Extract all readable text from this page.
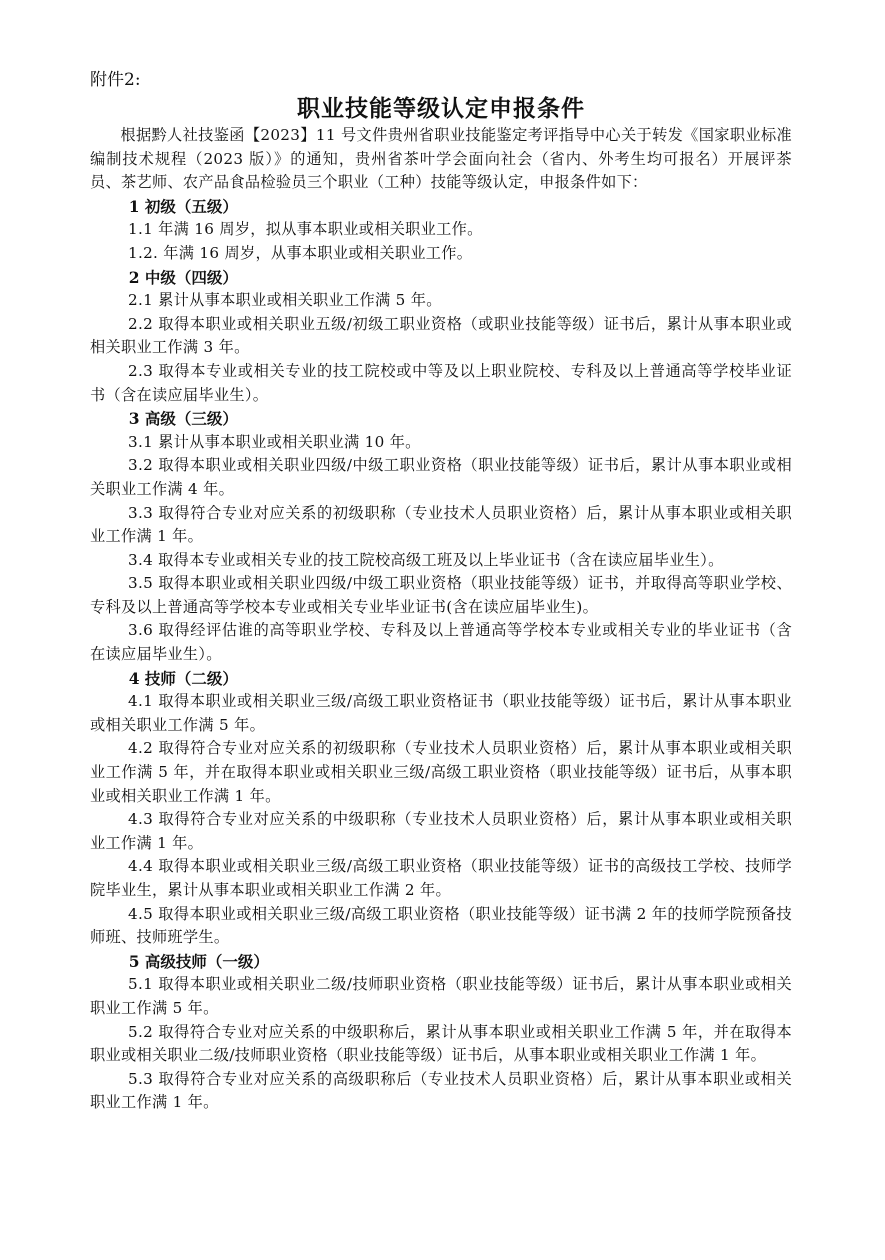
附件2:

职业技能等级认定申报条件

根据黔人社技鉴函【2023】11 号文件贵州省职业技能鉴定考评指导中心关于转发《国家职业标准编制技术规程（2023 版）》的通知，贵州省茶叶学会面向社会（省内、外考生均可报名）开展评茶员、茶艺师、农产品食品检验员三个职业（工种）技能等级认定，申报条件如下：

1 初级（五级）

1.1 年满 16 周岁，拟从事本职业或相关职业工作。

1.2. 年满 16 周岁，从事本职业或相关职业工作。

2 中级（四级）

2.1 累计从事本职业或相关职业工作满 5 年。

2.2 取得本职业或相关职业五级/初级工职业资格（或职业技能等级）证书后，累计从事本职业或相关职业工作满 3 年。

2.3 取得本专业或相关专业的技工院校或中等及以上职业院校、专科及以上普通高等学校毕业证书（含在读应届毕业生）。

3 高级（三级）

3.1 累计从事本职业或相关职业满 10 年。

3.2 取得本职业或相关职业四级/中级工职业资格（职业技能等级）证书后，累计从事本职业或相关职业工作满 4 年。

3.3 取得符合专业对应关系的初级职称（专业技术人员职业资格）后，累计从事本职业或相关职业工作满 1 年。

3.4 取得本专业或相关专业的技工院校高级工班及以上毕业证书（含在读应届毕业生）。

3.5 取得本职业或相关职业四级/中级工职业资格（职业技能等级）证书，并取得高等职业学校、专科及以上普通高等学校本专业或相关专业毕业证书(含在读应届毕业生)。

3.6 取得经评估谁的高等职业学校、专科及以上普通高等学校本专业或相关专业的毕业证书（含在读应届毕业生）。

4 技师（二级）

4.1 取得本职业或相关职业三级/高级工职业资格证书（职业技能等级）证书后，累计从事本职业或相关职业工作满 5 年。

4.2 取得符合专业对应关系的初级职称（专业技术人员职业资格）后，累计从事本职业或相关职业工作满 5 年，并在取得本职业或相关职业三级/高级工职业资格（职业技能等级）证书后，从事本职业或相关职业工作满 1 年。

4.3 取得符合专业对应关系的中级职称（专业技术人员职业资格）后，累计从事本职业或相关职业工作满 1 年。

4.4 取得本职业或相关职业三级/高级工职业资格（职业技能等级）证书的高级技工学校、技师学院毕业生，累计从事本职业或相关职业工作满 2 年。

4.5 取得本职业或相关职业三级/高级工职业资格（职业技能等级）证书满 2 年的技师学院预备技师班、技师班学生。

5 高级技师（一级）

5.1 取得本职业或相关职业二级/技师职业资格（职业技能等级）证书后，累计从事本职业或相关职业工作满 5 年。

5.2 取得符合专业对应关系的中级职称后，累计从事本职业或相关职业工作满 5 年，并在取得本职业或相关职业二级/技师职业资格（职业技能等级）证书后，从事本职业或相关职业工作满 1 年。

5.3 取得符合专业对应关系的高级职称后（专业技术人员职业资格）后，累计从事本职业或相关职业工作满 1 年。
